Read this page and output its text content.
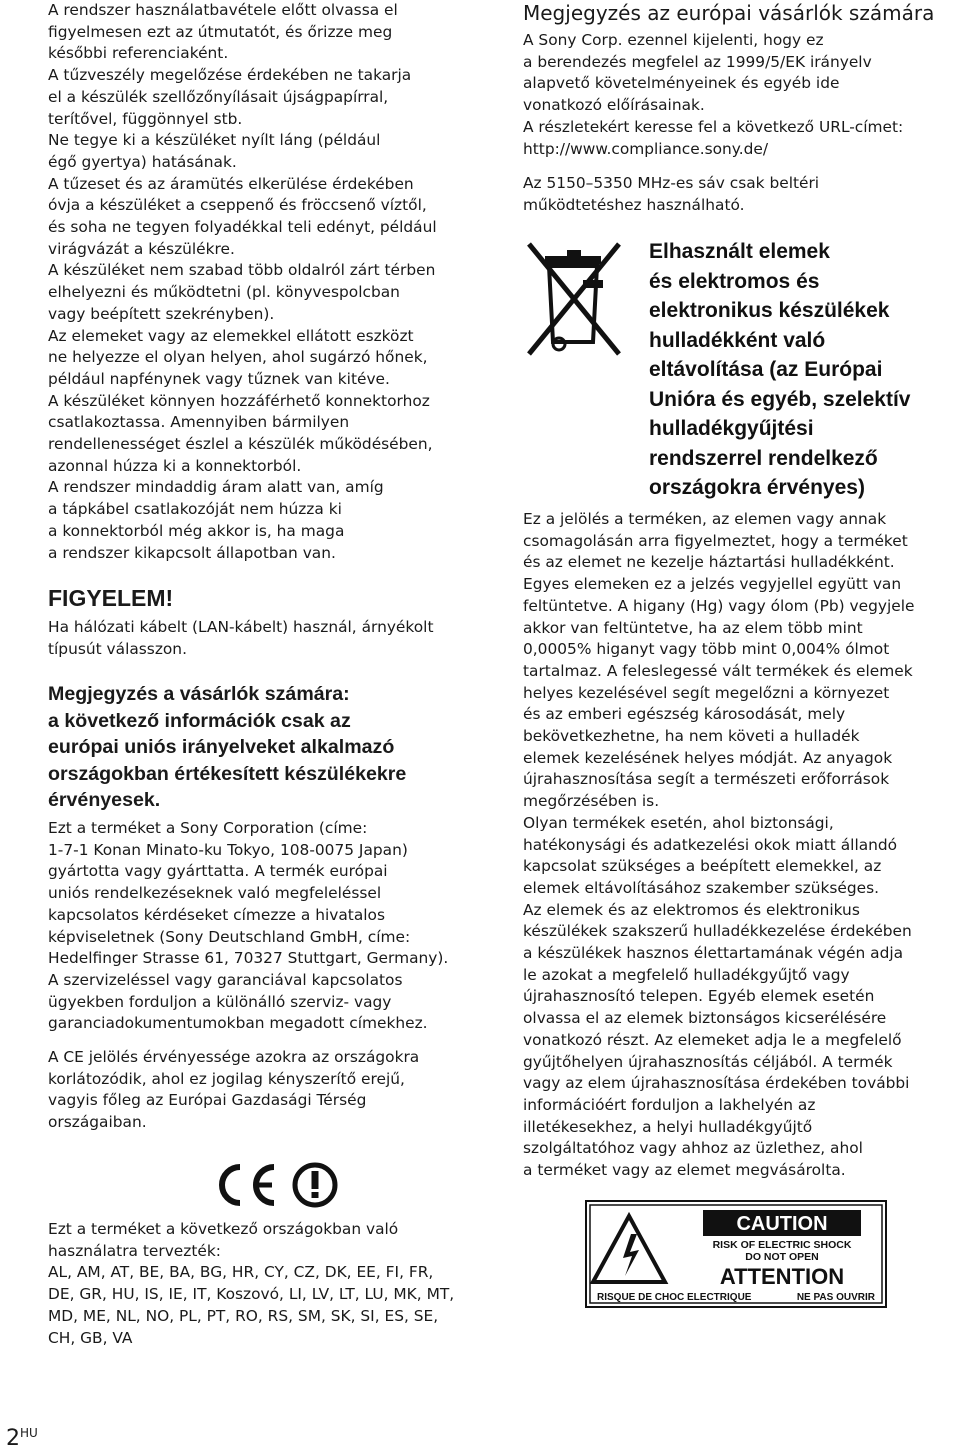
A rendszer használatbavétele előtt olvassa el
figyelmesen ezt az útmutatót, és őrizze meg
későbbi referenciaként.
A tűzveszély megelőzése érdekében ne takarja
el a készülék szellőzőnyílásait újságpapírral,
terítővel, függönnyel stb.
Ne tegye ki a készüléket nyílt láng (például
égő gyertya) hatásának.
A tűzeset és az áramütés elkerülése érdekében
óvja a készüléket a cseppenő és fröccsenő víztől,
és soha ne tegyen folyadékkal teli edényt, például
virágvázát a készülékre.
A készüléket nem szabad több oldalról zárt térben
elhelyezni és működtetni (pl. könyvespolcban
vagy beépített szekrényben).
Az elemeket vagy az elemekkel ellátott eszközt
ne helyezze el olyan helyen, ahol sugárzó hőnek,
például napfénynek vagy tűznek van kitéve.
A készüléket könnyen hozzáférhető konnektorhoz
csatlakoztassa. Amennyiben bármilyen
rendellenességet észlel a készülék működésében,
azonnal húzza ki a konnektorból.
A rendszer mindaddig áram alatt van, amíg
a tápkábel csatlakozóját nem húzza ki
a konnektorból még akkor is, ha maga
a rendszer kikapcsolt állapotban van.

FIGYELEM!

Ha hálózati kábelt (LAN-kábelt) használ, árnyékolt
típusút válasszon.

Megjegyzés a vásárlók számára:
a következő információk csak az
európai uniós irányelveket alkalmazó
országokban értékesített készülékekre
érvényesek.

Ezt a terméket a Sony Corporation (címe:
1-7-1 Konan Minato-ku Tokyo, 108-0075 Japan)
gyártotta vagy gyárttatta. A termék európai
uniós rendelkezéseknek való megfeleléssel
kapcsolatos kérdéseket címezze a hivatalos
képviseletnek (Sony Deutschland GmbH, címe:
Hedelfinger Strasse 61, 70327 Stuttgart, Germany).
A szervizeléssel vagy garanciával kapcsolatos
ügyekben forduljon a különálló szerviz- vagy
garanciadokumentumokban megadott címekhez.

A CE jelölés érvényessége azokra az országokra
korlátozódik, ahol ez jogilag kényszerítő erejű,
vagyis főleg az Európai Gazdasági Térség
országaiban.

Ezt a terméket a következő országokban való
használatra tervezték:
AL, AM, AT, BE, BA, BG, HR, CY, CZ, DK, EE, FI, FR,
DE, GR, HU, IS, IE, IT, Koszovó, LI, LV, LT, LU, MK, MT,
MD, ME, NL, NO, PL, PT, RO, RS, SM, SK, SI, ES, SE,
CH, GB, VA

Megjegyzés az európai vásárlók számára

A Sony Corp. ezennel kijelenti, hogy ez
a berendezés megfelel az 1999/5/EK irányelv
alapvető követelményeinek és egyéb ide
vonatkozó előírásainak.
A részletekért keresse fel a következő URL-címet:
http://www.compliance.sony.de/

Az 5150–5350 MHz-es sáv csak beltéri
működtetéshez használható.

Elhasznált elemek
és elektromos és
elektronikus készülékek
hulladékként való
eltávolítása (az Európai
Unióra és egyéb, szelektív
hulladékgyűjtési
rendszerrel rendelkező
országokra érvényes)

Ez a jelölés a terméken, az elemen vagy annak
csomagolásán arra figyelmeztet, hogy a terméket
és az elemet ne kezelje háztartási hulladékként.
Egyes elemeken ez a jelzés vegyjellel együtt van
feltüntetve. A higany (Hg) vagy ólom (Pb) vegyjele
akkor van feltüntetve, ha az elem több mint
0,0005% higanyt vagy több mint 0,004% ólmot
tartalmaz. A feleslegessé vált termékek és elemek
helyes kezelésével segít megelőzni a környezet
és az emberi egészség károsodását, mely
bekövetkezhetne, ha nem követi a hulladék
elemek kezelésének helyes módját. Az anyagok
újrahasznosítása segít a természeti erőforrások
megőrzésében is.
Olyan termékek esetén, ahol biztonsági,
hatékonysági és adatkezelési okok miatt állandó
kapcsolat szükséges a beépített elemekkel, az
elemek eltávolításához szakember szükséges.
Az elemek és az elektromos és elektronikus
készülékek szakszerű hulladékkezelése érdekében
a készülékek hasznos élettartamának végén adja
le azokat a megfelelő hulladékgyűjtő vagy
újrahasznosító telepen. Egyéb elemek esetén
olvassa el az elemek biztonságos kicserélésére
vonatkozó részt. Az elemeket adja le a megfelelő
gyűjtőhelyen újrahasznosítás céljából. A termék
vagy az elem újrahasznosítása érdekében további
információért forduljon a lakhelyén az
illetékesekhez, a helyi hulladékgyűjtő
szolgáltatóhoz vagy ahhoz az üzlethez, ahol
a terméket vagy az elemet megvásárolta.

CAUTION
RISK OF ELECTRIC SHOCK
DO NOT OPEN
ATTENTION
RISQUE DE CHOC ELECTRIQUE	NE PAS OUVRIR
$2^{HU}$
